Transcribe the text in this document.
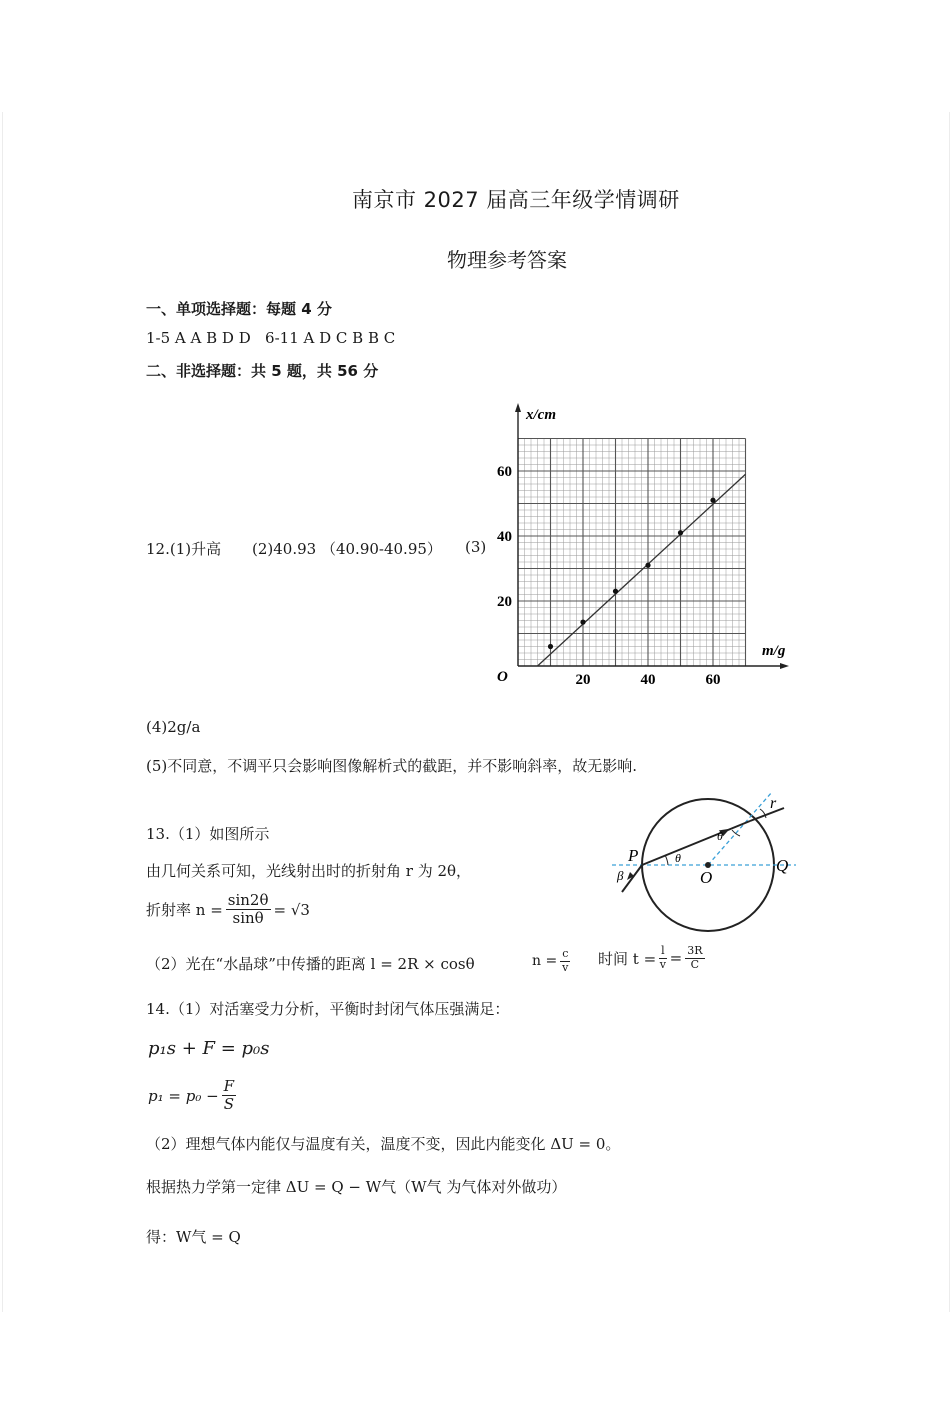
南京市 2027 届高三年级学情调研
物理参考答案
一、单项选择题：每题 4 分
1-5 A A B D D   6-11 A D C B B C
二、非选择题：共 5 题，共 56 分
12.(1)升高 (2)40.93 （40.90-40.95） (3)
x/cm
m/g
O	20	40	60
20
40
60
(4)2g/a
(5)不同意，不调平只会影响图像解析式的截距，并不影响斜率，故无影响.
13.（1）如图所示
由几何关系可知，光线射出时的折射角 r 为 2θ，
折射率 $n = \frac{\sin 2\theta}{\sin\theta} = √3$
（2）光在“水晶球”中传播的距离 l = 2R × cosθ	$n = \frac{c}{v}$ 时间 $t = \frac{l}{v} = \frac{3R}{C}$
P
β
θ
O
Q
θ
r
14.（1）对活塞受力分析，平衡时封闭气体压强满足：
p₁s + F = p₀s
$p_1 = p_0 - \frac{F}{S}$
（2）理想气体内能仅与温度有关，温度不变，因此内能变化 ΔU = 0。
根据热力学第一定律 ΔU = Q − W气（W气 为气体对外做功）
得：W气 = Q
